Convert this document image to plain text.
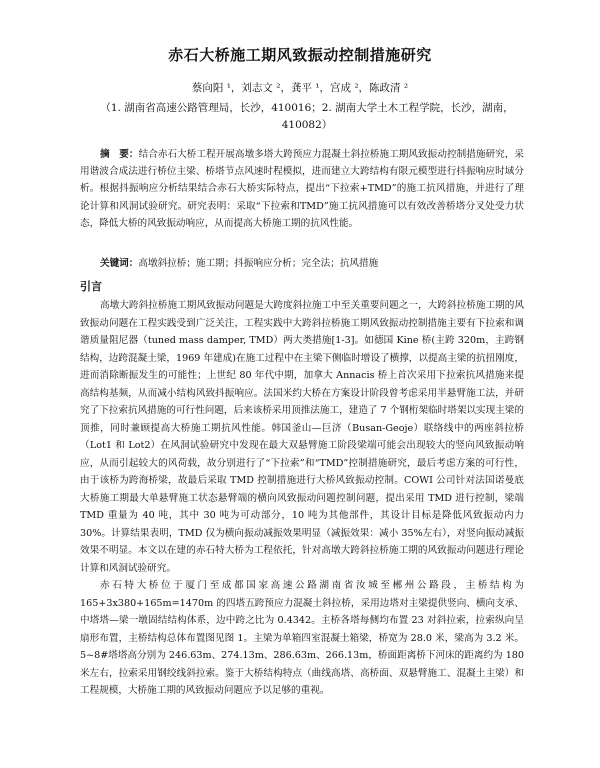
赤石大桥施工期风致振动控制措施研究
蔡向阳 ¹，刘志文 ²，龚平 ¹，宫成 ²，陈政清 ²
（1. 湖南省高速公路管理局，长沙，410016；2. 湖南大学土木工程学院，长沙，湖南，410082）
摘　要：结合赤石大桥工程开展高墩多塔大跨预应力混凝土斜拉桥施工期风致振动控制措施研究，采用谐波合成法进行桥位主梁、桥塔节点风速时程模拟，进而建立大跨结构有限元模型进行抖振响应时域分析。根据抖振响应分析结果结合赤石大桥实际特点，提出“下拉索+TMD”的施工抗风措施，并进行了理论计算和风洞试验研究。研究表明：采取“下拉索和TMD”施工抗风措施可以有效改善桥塔分叉处受力状态，降低大桥的风致振动响应，从而提高大桥施工期的抗风性能。
关键词：高墩斜拉桥；施工期；抖振响应分析；完全法；抗风措施
引言

高墩大跨斜拉桥施工期风致振动问题是大跨度斜拉施工中至关重要问题之一，大跨斜拉桥施工期的风致振动问题在工程实践受到广泛关注，工程实践中大跨斜拉桥施工期风致振动控制措施主要有下拉索和调谐质量阻尼器（tuned mass damper, TMD）两大类措施[1-3]。如德国 Kine 桥(主跨 320m，主跨钢结构，边跨混凝土梁，1969 年建成)在施工过程中在主梁下侧临时增设了横撑，以提高主梁的抗扭刚度，进而消除断振发生的可能性；上世纪 80 年代中期，加拿大 Annacis 桥上首次采用下拉索抗风措施来提高结构基频，从而减小结构风致抖振响应。法国米约大桥在方案设计阶段曾考虑采用半悬臂施工法，并研究了下拉索抗风措施的可行性问题，后来该桥采用顶推法施工，建造了 7 个钢桁架临时塔架以实现主梁的顶推，同时兼顾提高大桥施工期抗风性能。韩国釜山—巨济（Busan-Geoje）联络线中的两座斜拉桥（Lot1 和 Lot2）在风洞试验研究中发现在最大双悬臂施工阶段梁端可能会出现较大的竖向风致振动响应，从而引起较大的风荷载，故分别进行了“下拉索”和“TMD”控制措施研究，最后考虑方案的可行性，由于该桥为跨海桥梁，故最后采取 TMD 控制措施进行大桥风致振动控制。COWI 公司针对法国诺曼底大桥施工期最大单悬臂施工状态悬臂端的横向风致振动问题控制问题，提出采用 TMD 进行控制，梁端 TMD 重量为 40 吨，其中 30 吨为可动部分，10 吨为其他部件，其设计目标是降低风致振动内力 30%。计算结果表明，TMD 仅为横向振动减振效果明显（减振效果：减小 35%左右），对竖向振动减振效果不明显。本文以在建的赤石特大桥为工程依托，针对高墩大跨斜拉桥施工期的风致振动问题进行理论计算和风洞试验研究。

赤石特大桥位于厦门至成都国家高速公路湖南省汝城至郴州公路段，主桥结构为 165+3x380+165m=1470m 的四塔五跨预应力混凝土斜拉桥，采用边塔对主梁提供竖向、横向支承、中塔塔—梁一墩固结结构体系，边中跨之比为 0.4342。主桥各塔每侧均布置 23 对斜拉索，拉索纵向呈扇形布置，主桥结构总体布置图见图 1。主梁为单箱四室混凝土箱梁，桥宽为 28.0 米，梁高为 3.2 米。5~8#塔塔高分别为 246.63m、274.13m、286.63m、266.13m，桥面距离桥下河床的距离约为 180 米左右，拉索采用钢绞线斜拉索。鉴于大桥结构特点（曲线高塔、高桥面、双悬臂施工、混凝土主梁）和工程规模，大桥施工期的风致振动问题应予以足够的重视。
